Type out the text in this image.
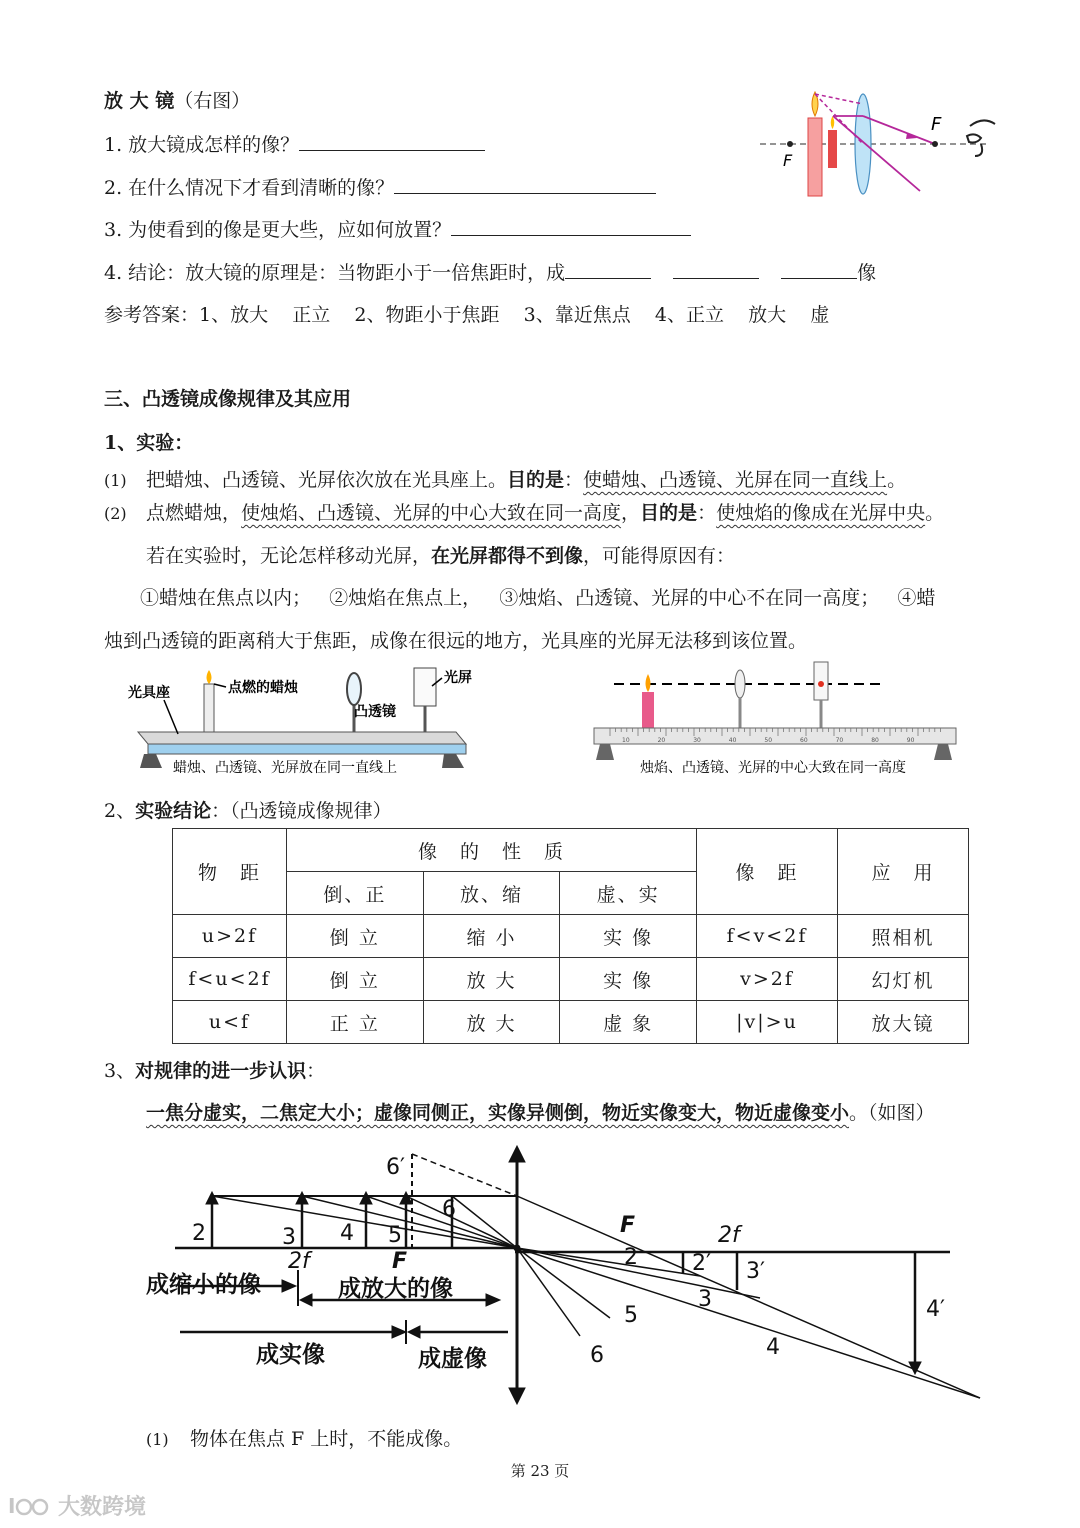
放 大 镜（右图）
1. 放大镜成怎样的像？
2. 在什么情况下才看到清晰的像？
3. 为使看到的像是更大些，应如何放置？
4. 结论：放大镜的原理是：当物距小于一倍焦距时，成	像
参考答案：1、放大    正立    2、物距小于焦距    3、靠近焦点    4、正立    放大    虚
F
F
三、凸透镜成像规律及其应用
1、实验：
(1) 把蜡烛、凸透镜、光屏依次放在光具座上。目的是：使蜡烛、凸透镜、光屏在同一直线上。
(2) 点燃蜡烛，使烛焰、凸透镜、光屏的中心大致在同一高度，目的是：使烛焰的像成在光屏中央。
若在实验时，无论怎样移动光屏，在光屏都得不到像，可能得原因有：
①蜡烛在焦点以内；   ②烛焰在焦点上，   ③烛焰、凸透镜、光屏的中心不在同一高度；   ④蜡
烛到凸透镜的距离稍大于焦距，成像在很远的地方，光具座的光屏无法移到该位置。
光具座	点燃的蜡烛
凸透镜
光屏
蜡烛、凸透镜、光屏放在同一直线上
10	20	30	40	50	60	70	80	90
烛焰、凸透镜、光屏的中心大致在同一高度
2、实验结论：（凸透镜成像规律）
物　距	像　的　性　质			像　距	应　用
	倒、正	放、缩	虚、实		
u>2f	倒 立	缩 小	实 像	f<v<2f	照相机
f<u<2f	倒 立	放 大	实 像	v>2f	幻灯机
u<f	正 立	放 大	虚 象	|v|>u	放大镜
3、对规律的进一步认识：
一焦分虚实，二焦定大小；虚像同侧正，实像异侧倒，物近实像变大，物近虚像变小。（如图）
2	3 4 5
6
6′
2f	F
F	2f
2 2′ 3′
3	4′
5
4
6
成缩小的像	成放大的像
成实像	成虚像
(1) 物体在焦点 F 上时，不能成像。
第 23 页
I 大数跨境
